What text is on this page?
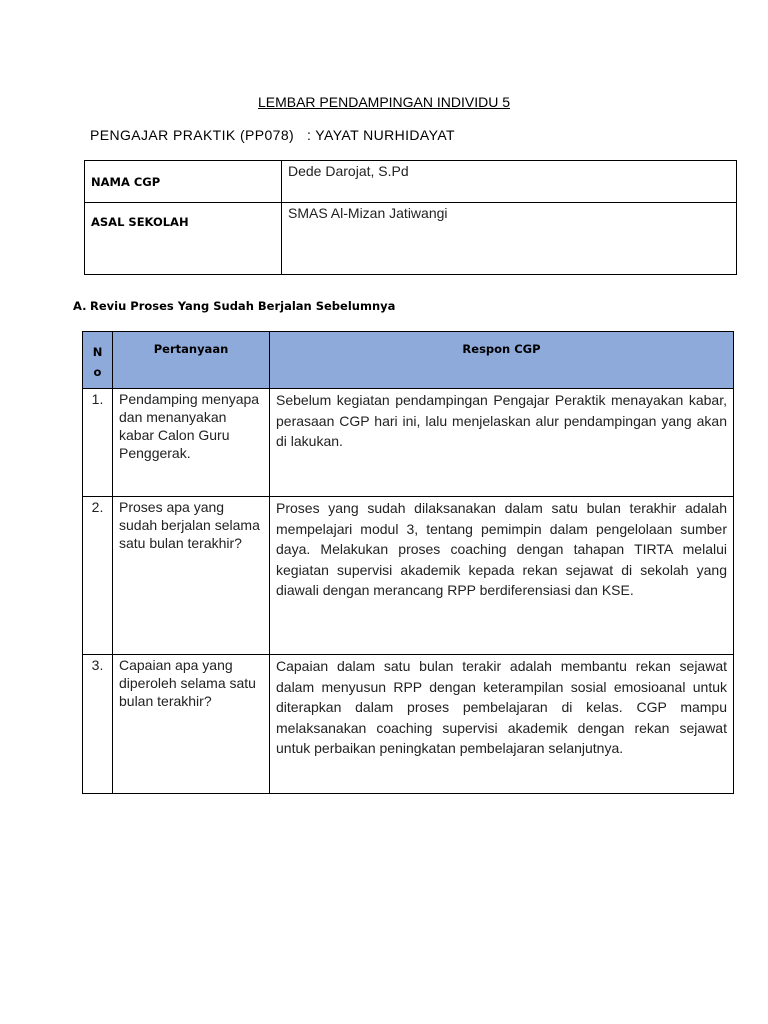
LEMBAR PENDAMPINGAN INDIVIDU 5
PENGAJAR PRAKTIK (PP078)   : YAYAT NURHIDAYAT
NAMA CGP	Dede Darojat, S.Pd
ASAL SEKOLAH	SMAS Al-Mizan Jatiwangi
A. Reviu Proses Yang Sudah Berjalan Sebelumnya
N
o	Pertanyaan	Respon CGP
1.	Pendamping menyapa dan menanyakan kabar Calon Guru Penggerak.	Sebelum kegiatan pendampingan Pengajar Peraktik menayakan kabar, perasaan CGP hari ini, lalu menjelaskan alur pendampingan yang akan di lakukan.
2.	Proses apa yang sudah berjalan selama satu bulan terakhir?	Proses yang sudah dilaksanakan dalam satu bulan terakhir adalah mempelajari modul 3, tentang pemimpin dalam pengelolaan sumber daya. Melakukan proses coaching dengan tahapan TIRTA melalui kegiatan supervisi akademik kepada rekan sejawat di sekolah yang diawali dengan merancang RPP berdiferensiasi dan KSE.
3.	Capaian apa yang diperoleh selama satu bulan terakhir?	Capaian dalam satu bulan terakir adalah membantu rekan sejawat dalam menyusun RPP dengan keterampilan sosial emosioanal untuk diterapkan dalam proses pembelajaran di kelas. CGP mampu melaksanakan coaching supervisi akademik dengan rekan sejawat untuk perbaikan peningkatan pembelajaran selanjutnya.
